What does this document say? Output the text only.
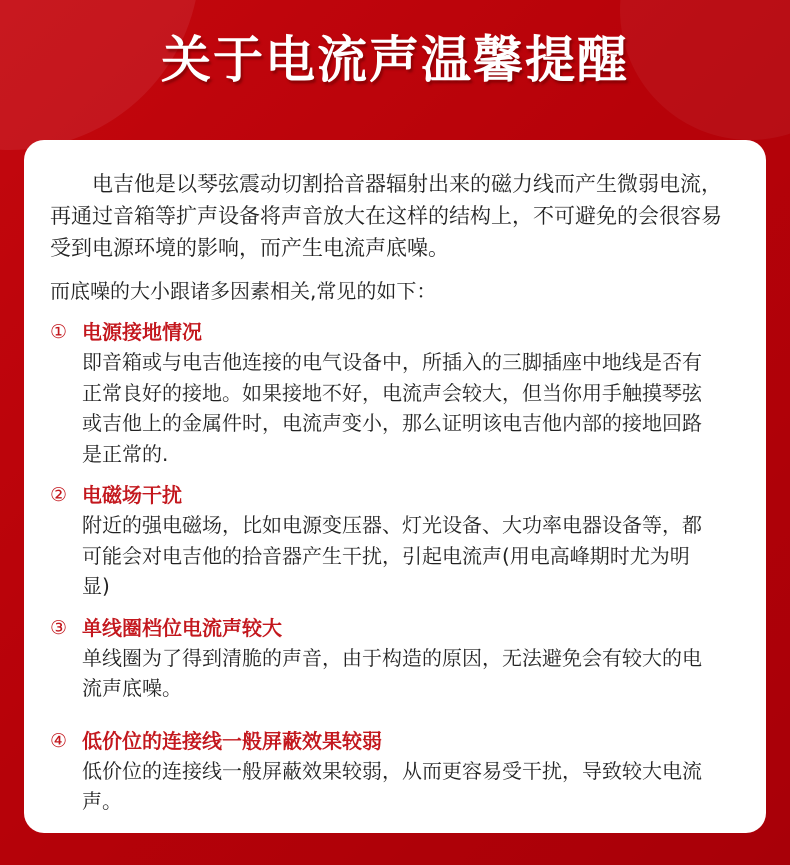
关于电流声温馨提醒

电吉他是以琴弦震动切割拾音器辐射出来的磁力线而产生微弱电流，再通过音箱等扩声设备将声音放大在这样的结构上，不可避免的会很容易受到电源环境的影响，而产生电流声底噪。

而底噪的大小跟诸多因素相关,常见的如下：

① 电源接地情况
即音箱或与电吉他连接的电气设备中，所插入的三脚插座中地线是否有正常良好的接地。如果接地不好，电流声会较大，但当你用手触摸琴弦或吉他上的金属件时，电流声变小，那么证明该电吉他内部的接地回路是正常的.
② 电磁场干扰
附近的强电磁场，比如电源变压器、灯光设备、大功率电器设备等，都可能会对电吉他的拾音器产生干扰，引起电流声(用电高峰期时尤为明显)
③ 单线圈档位电流声较大
单线圈为了得到清脆的声音，由于构造的原因，无法避免会有较大的电流声底噪。
④ 低价位的连接线一般屏蔽效果较弱
低价位的连接线一般屏蔽效果较弱，从而更容易受干扰，导致较大电流声。
